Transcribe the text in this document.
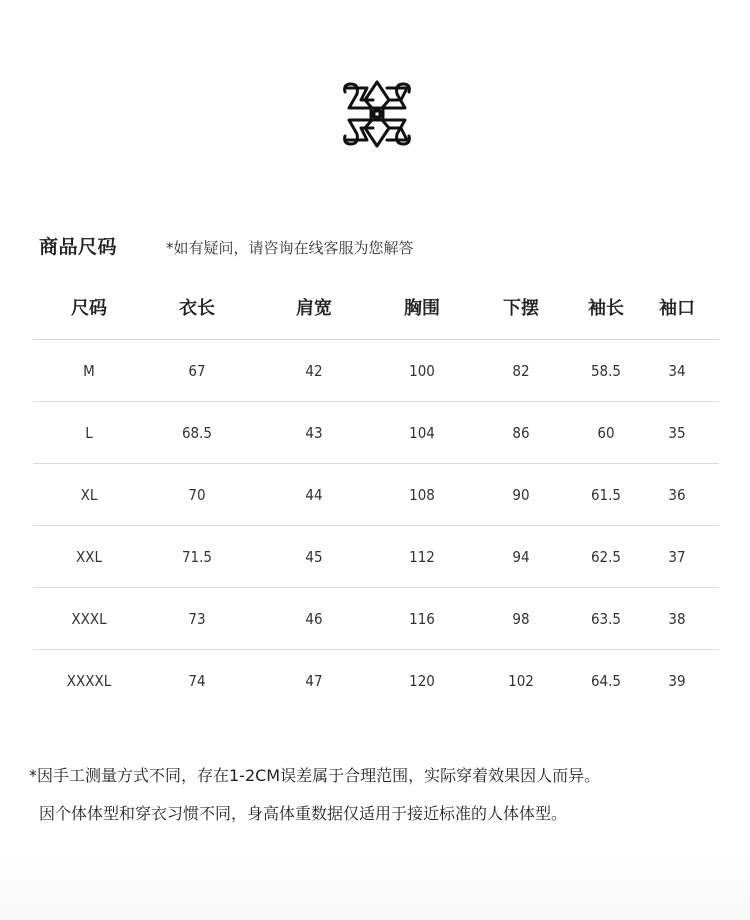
商品尺码	*如有疑问，请咨询在线客服为您解答
尺码	衣长	肩宽	胸围	下摆	袖长	袖口
M	67	42	100	82	58.5	34
L	68.5	43	104	86	60	35
XL	70	44	108	90	61.5	36
XXL	71.5	45	112	94	62.5	37
XXXL	73	46	116	98	63.5	38
XXXXL	74	47	120	102	64.5	39
*因手工测量方式不同，存在1-2CM误差属于合理范围，实际穿着效果因人而异。
因个体体型和穿衣习惯不同，身高体重数据仅适用于接近标准的人体体型。
